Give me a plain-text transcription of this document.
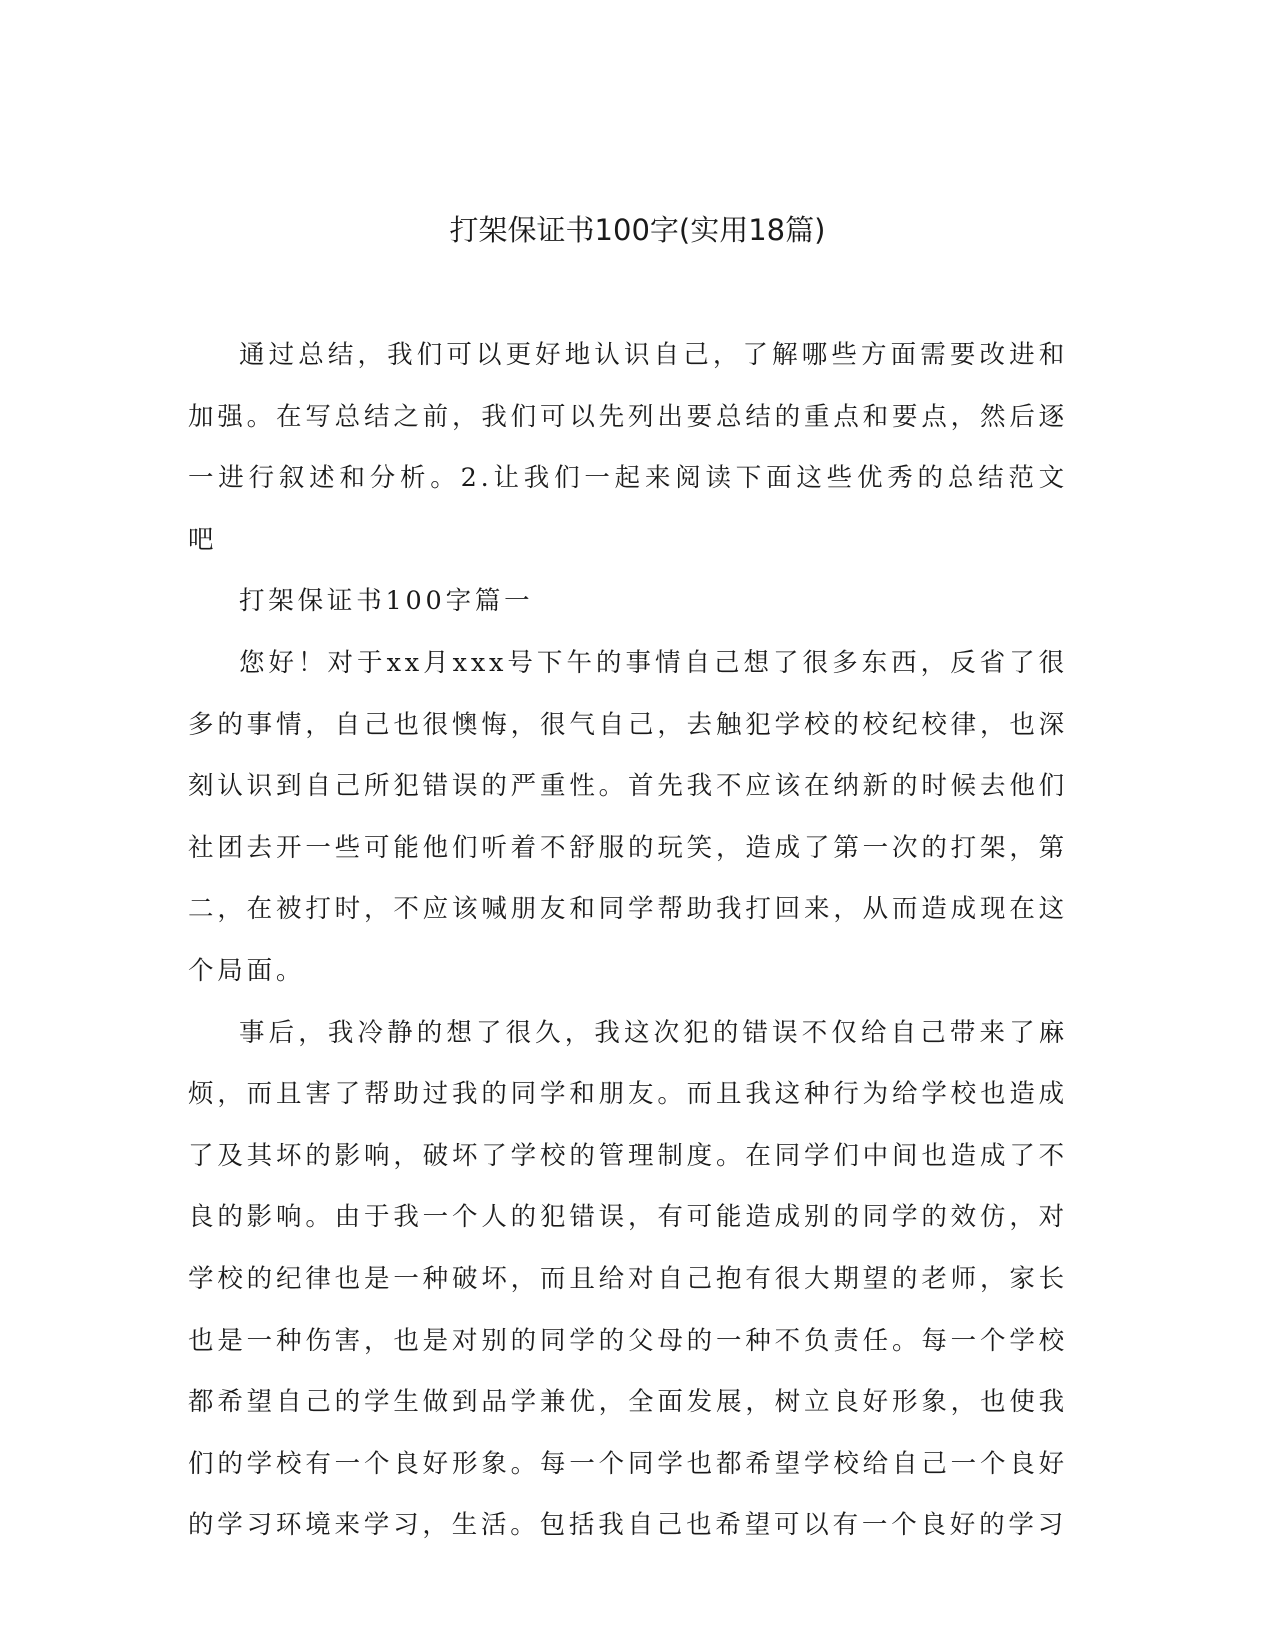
打架保证书100字(实用18篇)

通过总结，我们可以更好地认识自己，了解哪些方面需要改进和加强。在写总结之前，我们可以先列出要总结的重点和要点，然后逐一进行叙述和分析。2.让我们一起来阅读下面这些优秀的总结范文吧

打架保证书100字篇一

您好！对于xx月xxx号下午的事情自己想了很多东西，反省了很多的事情，自己也很懊悔，很气自己，去触犯学校的校纪校律，也深刻认识到自己所犯错误的严重性。首先我不应该在纳新的时候去他们社团去开一些可能他们听着不舒服的玩笑，造成了第一次的打架，第二，在被打时，不应该喊朋友和同学帮助我打回来，从而造成现在这个局面。

事后，我冷静的想了很久，我这次犯的错误不仅给自己带来了麻烦，而且害了帮助过我的同学和朋友。而且我这种行为给学校也造成了及其坏的影响，破坏了学校的管理制度。在同学们中间也造成了不良的影响。由于我一个人的犯错误，有可能造成别的同学的效仿，对学校的纪律也是一种破坏，而且给对自己抱有很大期望的老师，家长也是一种伤害，也是对别的同学的父母的一种不负责任。每一个学校都希望自己的学生做到品学兼优，全面发展，树立良好形象，也使我们的学校有一个良好形象。每一个同学也都希望学校给自己一个良好的学习环境来学习，生活。包括我自己也希望可以有一个良好的学习
